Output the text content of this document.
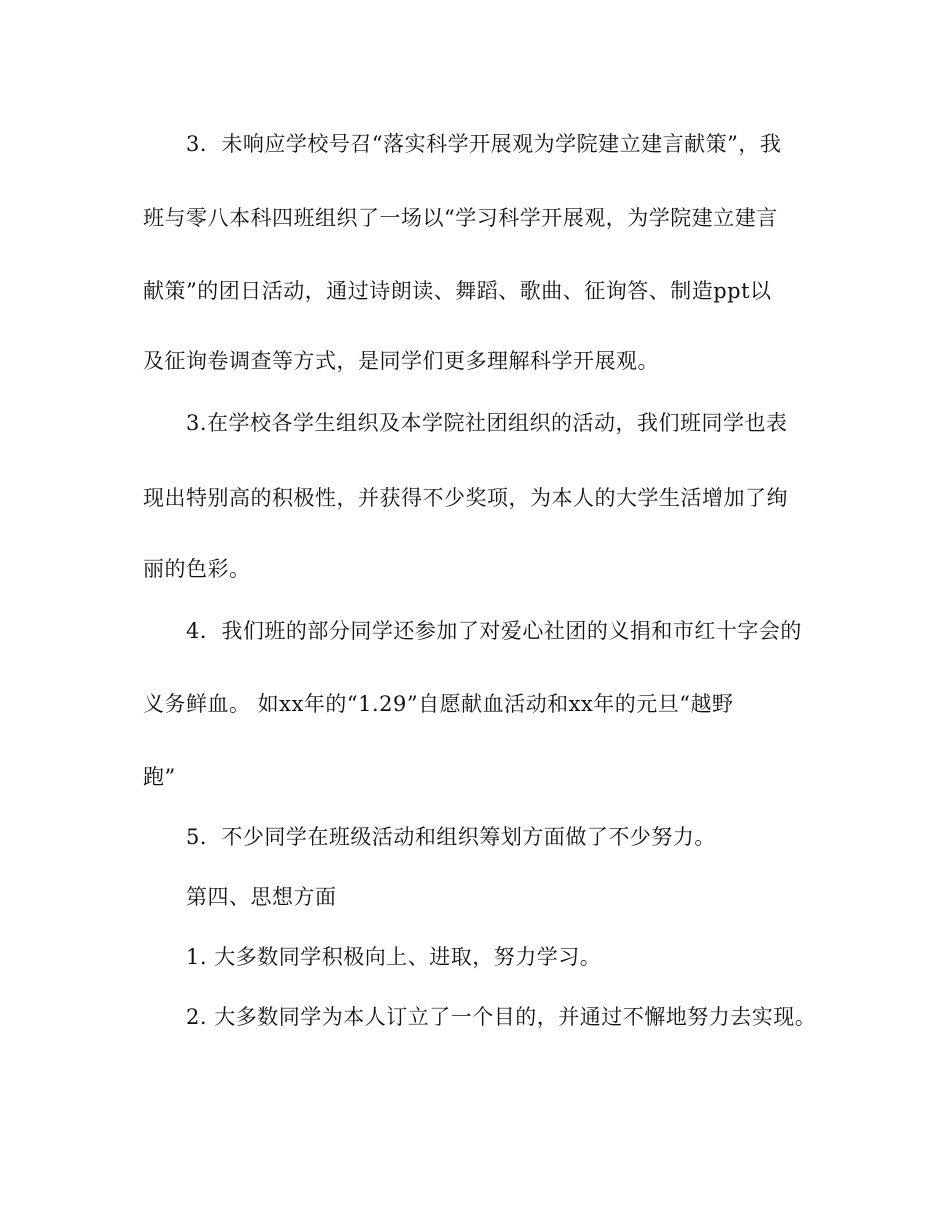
3．未响应学校号召“落实科学开展观为学院建立建言献策”，我
班与零八本科四班组织了一场以“学习科学开展观，为学院建立建言
献策”的团日活动，通过诗朗读、舞蹈、歌曲、征询答、制造ppt以
及征询卷调查等方式，是同学们更多理解科学开展观。
3.在学校各学生组织及本学院社团组织的活动，我们班同学也表
现出特别高的积极性，并获得不少奖项，为本人的大学生活增加了绚
丽的色彩。
4．我们班的部分同学还参加了对爱心社团的义捐和市红十字会的
义务鲜血。 如xx年的“1.29”自愿献血活动和xx年的元旦“越野
跑”
5．不少同学在班级活动和组织筹划方面做了不少努力。
第四、思想方面
1. 大多数同学积极向上、进取，努力学习。
2. 大多数同学为本人订立了一个目的，并通过不懈地努力去实现。
